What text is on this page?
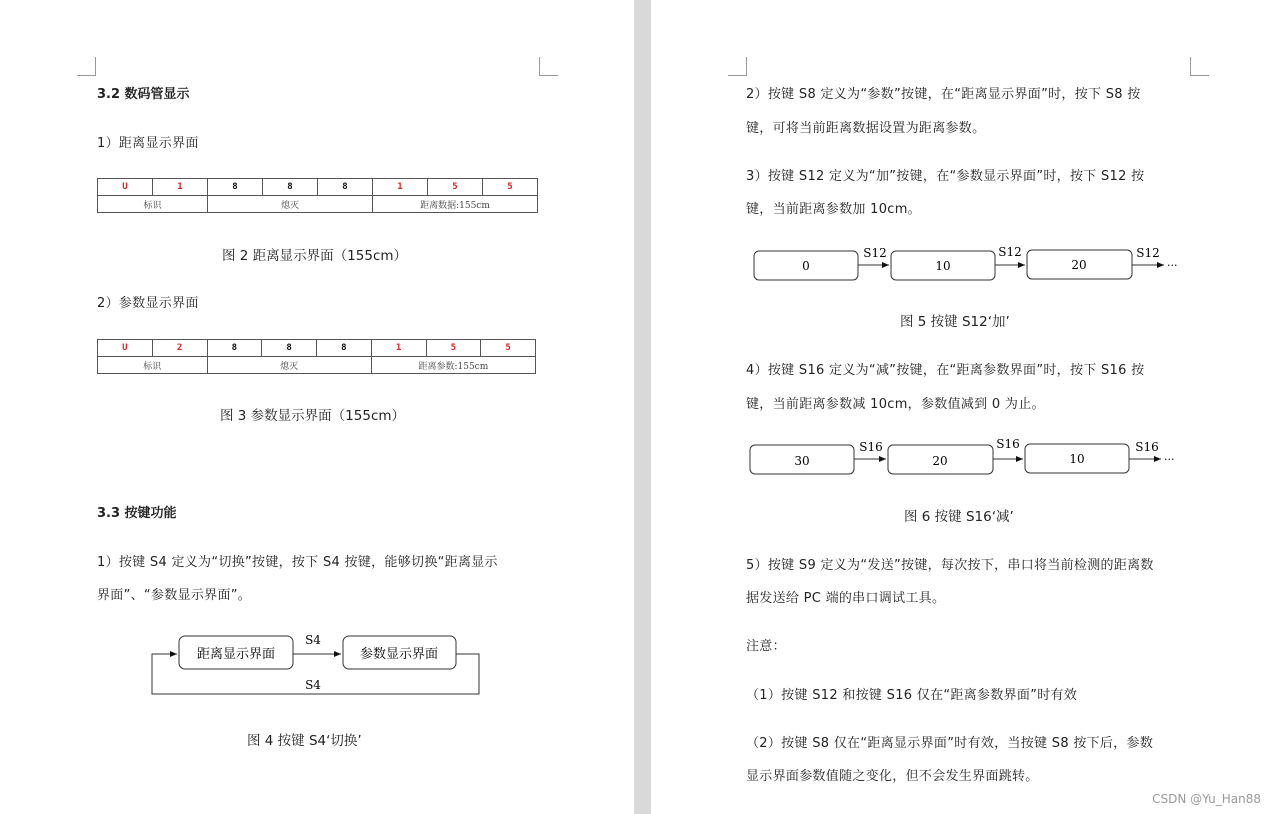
3.2 数码管显示
1）距离显示界面
U	1	8	8	8	1	5	5
标识		熄灭			距离数据:155cm		
图 2 距离显示界面（155cm）
2）参数显示界面
U	2	8	8	8	1	5	5
标识		熄灭			距离参数:155cm		
图 3 参数显示界面（155cm）
3.3 按键功能
1）按键 S4 定义为“切换”按键，按下 S4 按键，能够切换“距离显示
界面”、“参数显示界面”。
距离显示界面	参数显示界面
S4
S4
图 4 按键 S4‘切换’
2）按键 S8 定义为“参数”按键，在“距离显示界面”时，按下 S8 按
键，可将当前距离数据设置为距离参数。
3）按键 S12 定义为“加”按键，在“参数显示界面”时，按下 S12 按
键，当前距离参数加 10cm。
0
S12
10
S12
20
S12
···
图 5 按键 S12‘加’
4）按键 S16 定义为“减”按键，在“距离参数界面”时，按下 S16 按
键，当前距离参数减 10cm，参数值减到 0 为止。
30
S16
20
S16
10
S16
···
图 6 按键 S16‘减’
5）按键 S9 定义为“发送”按键，每次按下，串口将当前检测的距离数
据发送给 PC 端的串口调试工具。
注意：
（1）按键 S12 和按键 S16 仅在“距离参数界面”时有效
（2）按键 S8 仅在“距离显示界面”时有效，当按键 S8 按下后，参数
显示界面参数值随之变化，但不会发生界面跳转。
CSDN @Yu_Han88
